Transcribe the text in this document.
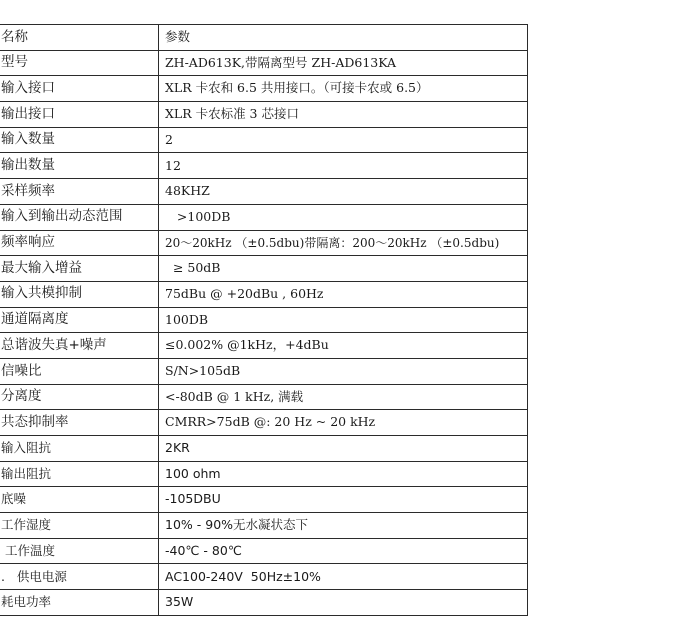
名称	参数
型号	ZH-AD613K,带隔离型号 ZH-AD613KA
输入接口	XLR 卡农和 6.5 共用接口。（可接卡农或 6.5）
输出接口	XLR 卡农标准 3 芯接口
输入数量	2
输出数量	12
采样频率	48KHZ
输入到输出动态范围	>100DB
频率响应	20～20kHz （±0.5dbu)带隔离：200～20kHz （±0.5dbu)
最大输入增益	≥ 50dB
输入共模抑制	75dBu @ +20dBu , 60Hz
通道隔离度	100DB
总谐波失真+噪声	≤0.002% @1kHz，+4dBu
信噪比	S/N>105dB
分离度	<-80dB @ 1 kHz, 满载
共态抑制率	CMRR>75dB @: 20 Hz ~ 20 kHz
输入阻抗	2KR
输出阻抗	100 ohm
底噪	-105DBU
工作湿度	10% - 90%无水凝状态下
工作温度	-40℃ - 80℃
.   供电电源	AC100-240V  50Hz±10%
耗电功率	35W
